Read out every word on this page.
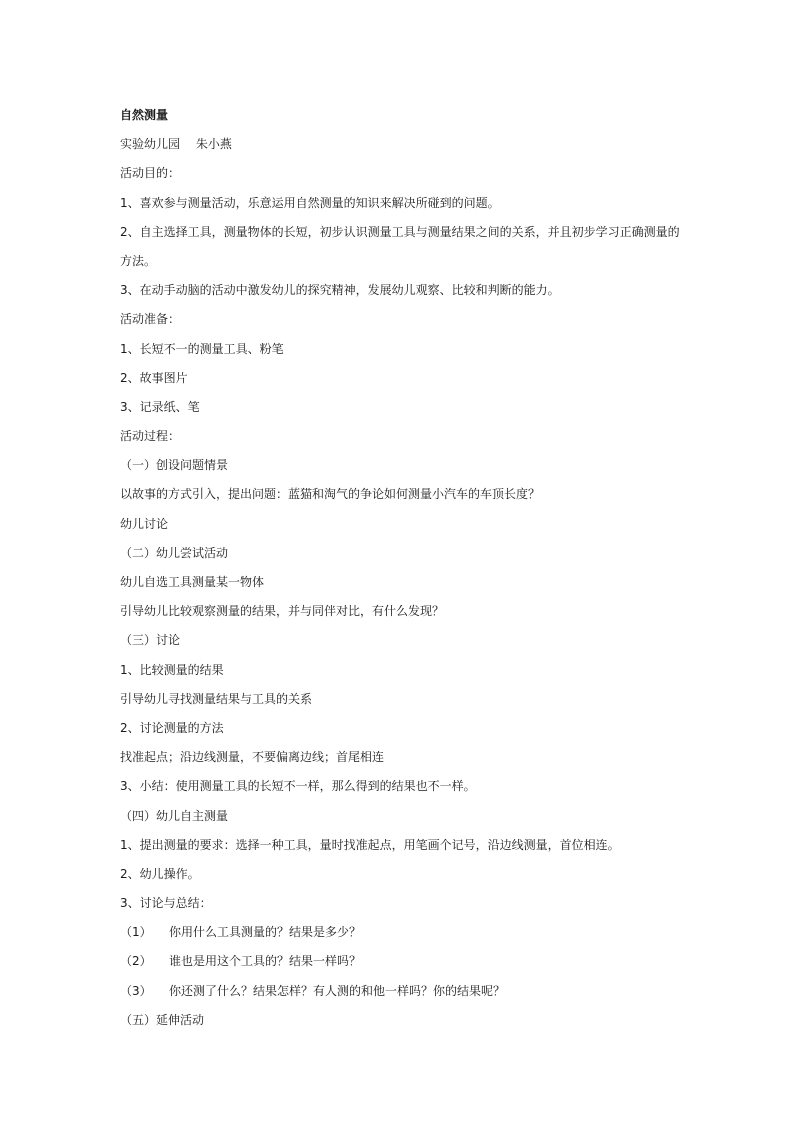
自然测量
实验幼儿园　 朱小燕
活动目的：
1、喜欢参与测量活动，乐意运用自然测量的知识来解决所碰到的问题。
2、自主选择工具，测量物体的长短，初步认识测量工具与测量结果之间的关系，并且初步学习正确测量的
方法。
3、在动手动脑的活动中激发幼儿的探究精神，发展幼儿观察、比较和判断的能力。
活动准备：
1、长短不一的测量工具、粉笔
2、故事图片
3、记录纸、笔
活动过程：
（一）创设问题情景
以故事的方式引入，提出问题：蓝猫和淘气的争论如何测量小汽车的车顶长度？
幼儿讨论
（二）幼儿尝试活动
幼儿自选工具测量某一物体
引导幼儿比较观察测量的结果，并与同伴对比，有什么发现？
（三）讨论
1、比较测量的结果
引导幼儿寻找测量结果与工具的关系
2、讨论测量的方法
找准起点；沿边线测量，不要偏离边线；首尾相连
3、小结：使用测量工具的长短不一样，那么得到的结果也不一样。
（四）幼儿自主测量
1、提出测量的要求：选择一种工具，量时找准起点，用笔画个记号，沿边线测量，首位相连。
2、幼儿操作。
3、讨论与总结：
（1）	你用什么工具测量的？结果是多少？
（2）	谁也是用这个工具的？结果一样吗？
（3）	你还测了什么？结果怎样？有人测的和他一样吗？你的结果呢？
（五）延伸活动
